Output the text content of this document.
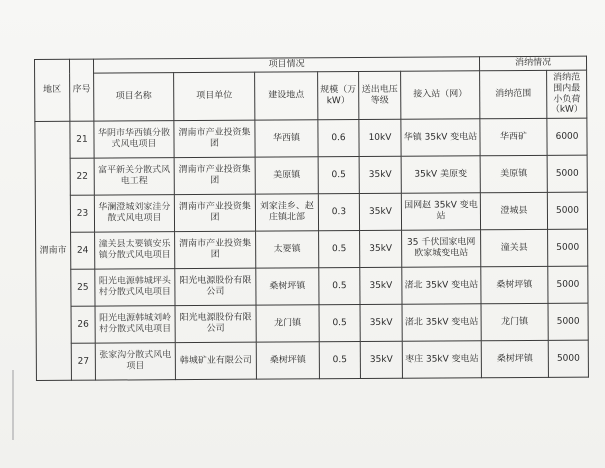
地区	序号	项目情况						消纳情况	
		项目名称	项目单位	建设地点	规模（万kW）	送出电压等级	接入站（网）	消纳范围	消纳范围内最小负荷（kW）
渭南市	21	华阴市华西镇分散式风电项目	渭南市产业投资集团	华西镇	0.6	10kV	华镇 35kV 变电站	华西矿	6000
	22	富平新关分散式风电工程	渭南市产业投资集团	美原镇	0.5	35kV	35kV 美原变	美原镇	5000
	23	华澜澄城刘家洼分散式风电项目	渭南市产业投资集团	刘家洼乡、赵庄镇北部	0.3	35kV	国网赵 35kV 变电站	澄城县	5000
	24	潼关县太要镇安乐镇分散式风电项目	渭南市产业投资集团	太要镇	0.5	35kV	35 千伏国家电网欧家城变电站	潼关县	5000
	25	阳光电源韩城坪头村分散式风电项目	阳光电源股份有限公司	桑树坪镇	0.5	35kV	渚北 35kV 变电站	桑树坪镇	5000
	26	阳光电源韩城刘岭村分散式风电项目	阳光电源股份有限公司	龙门镇	0.5	35kV	渚北 35kV 变电站	龙门镇	5000
	27	张家沟分散式风电项目	韩城矿业有限公司	桑树坪镇	0.5	35kV	枣庄 35kV 变电站	桑树坪镇	5000
